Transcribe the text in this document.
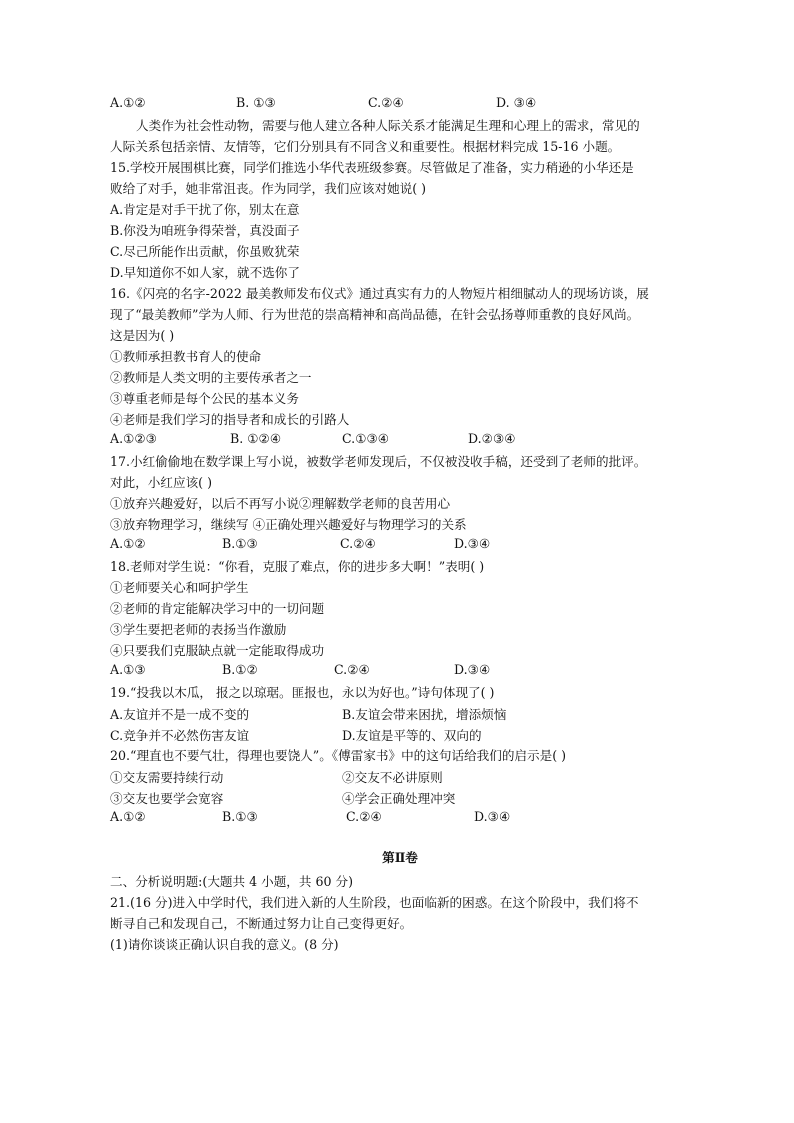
A.①②	B. ①③	C.②④	D. ③④
人类作为社会性动物，需要与他人建立各种人际关系才能满足生理和心理上的需求，常见的
人际关系包括亲情、友情等，它们分别具有不同含义和重要性。根据材料完成 15-16 小题。
15.学校开展围棋比赛，同学们推选小华代表班级参赛。尽管做足了准备，实力稍逊的小华还是
败给了对手，她非常沮丧。作为同学，我们应该对她说( )
A.肯定是对手干扰了你，别太在意
B.你没为咱班争得荣誉，真没面子
C.尽己所能作出贡献，你虽败犹荣
D.早知道你不如人家，就不选你了
16.《闪亮的名字-2022 最美教师发布仪式》通过真实有力的人物短片相细腻动人的现场访谈，展
现了“最美教师”学为人师、行为世范的崇高精神和高尚品德，在针会弘扬尊师重教的良好风尚。
这是因为( )
①教师承担教书育人的使命
②教师是人类文明的主要传承者之一
③尊重老师是每个公民的基本义务
④老师是我们学习的指导者和成长的引路人
A.①②③	B. ①②④	C.①③④	D.②③④
17.小红偷偷地在数学课上写小说，被数学老师发现后，不仅被没收手稿，还受到了老师的批评。
对此，小红应该( )
①放弃兴趣爱好，以后不再写小说②理解数学老师的良苦用心
③放弃物理学习，继续写 ④正确处理兴趣爱好与物理学习的关系
A.①②	B.①③	C.②④	D.③④
18.老师对学生说：“你看，克服了难点，你的进步多大啊！”表明( )
①老师要关心和呵护学生
②老师的肯定能解决学习中的一切问题
③学生要把老师的表扬当作激励
④只要我们克服缺点就一定能取得成功
A.①③	B.①②	C.②④	D.③④
19.“投我以木瓜， 报之以琼琚。匪报也，永以为好也。”诗句体现了( )
A.友谊并不是一成不变的	B.友谊会带来困扰，增添烦恼
C.竞争并不必然伤害友谊	D.友谊是平等的、双向的
20.“理直也不要气壮，得理也要饶人”。《傅雷家书》中的这句话给我们的启示是( )
①交友需要持续行动	②交友不必讲原则
③交友也要学会宽容	④学会正确处理冲突
A.①②	B.①③	C.②④	D.③④
第Ⅱ卷
二、分析说明题:(大题共 4 小题，共 60 分)
21.(16 分)进入中学时代，我们进入新的人生阶段，也面临新的困惑。在这个阶段中，我们将不
断寻自己和发现自己，不断通过努力让自己变得更好。
(1)请你谈谈正确认识自我的意义。(8 分)
